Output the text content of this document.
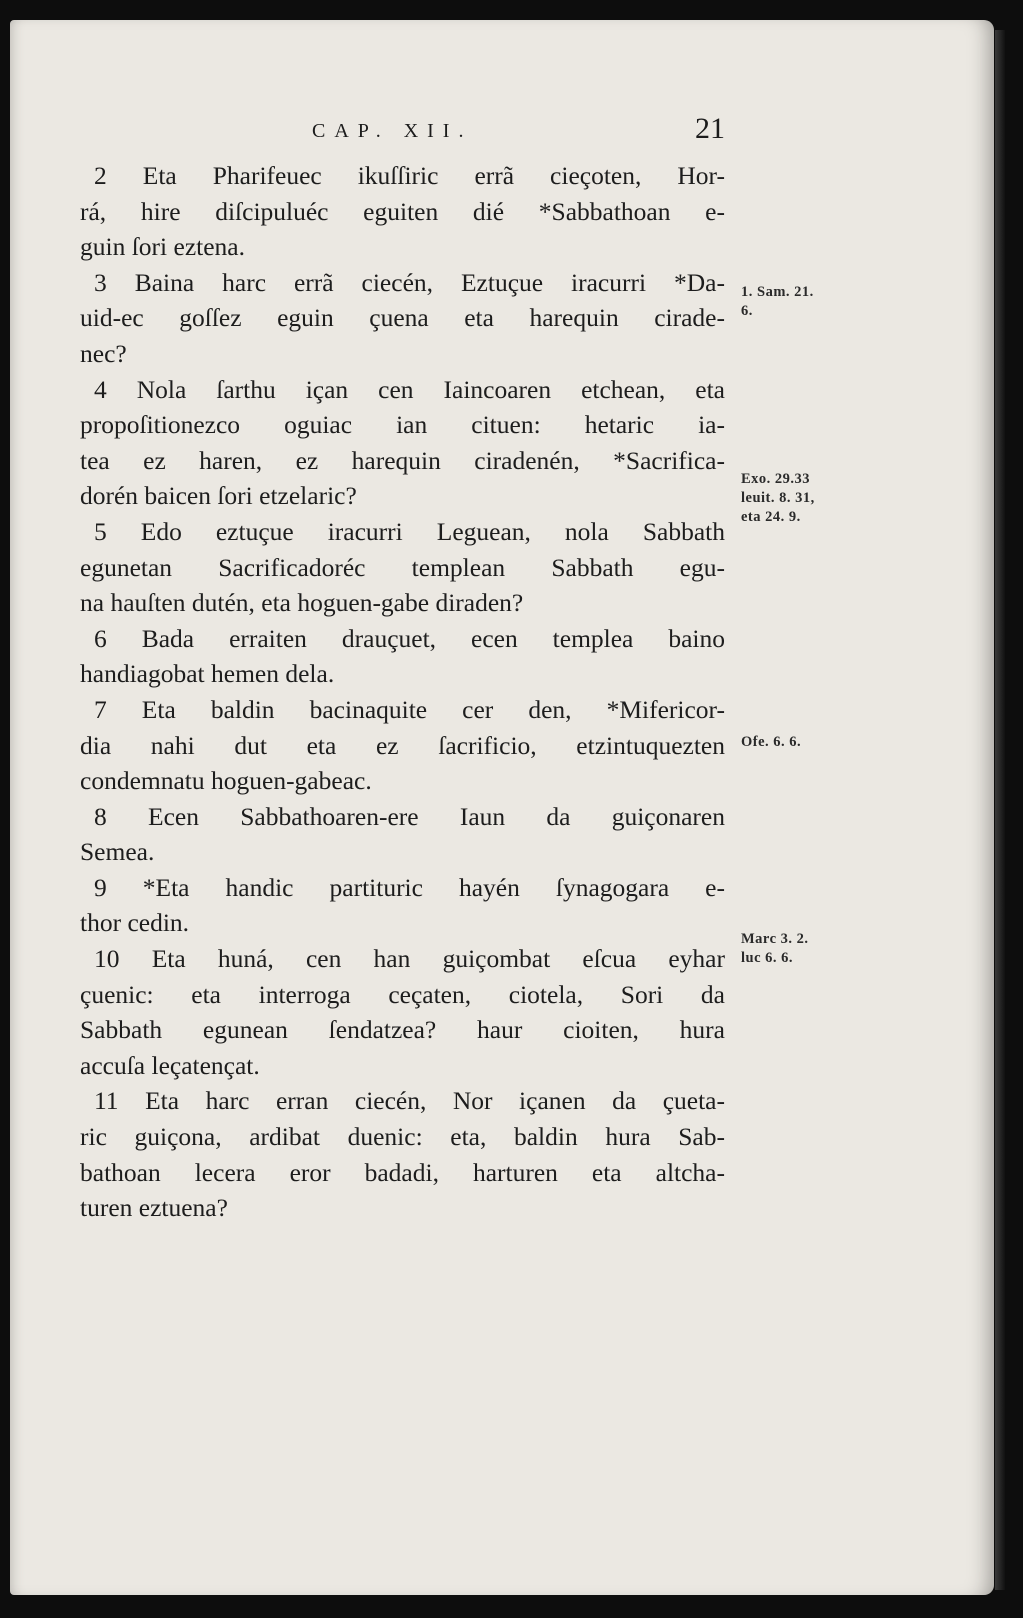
CAP. XII.	21
2 Eta Pharifeuec ikuſſiric errã cieçoten, Hor-
rá, hire diſcipuluéc eguiten dié *Sabbathoan e-
guin ſori eztena.
3 Baina harc errã ciecén, Eztuçue iracurri *Da-
uid-ec goſſez eguin çuena eta harequin cirade-
nec?
4 Nola ſarthu içan cen Iaincoaren etchean, eta
propoſitionezco oguiac ian cituen: hetaric ia-
tea ez haren, ez harequin ciradenén, *Sacrifica-
dorén baicen ſori etzelaric?
5 Edo eztuçue iracurri Leguean, nola Sabbath
egunetan Sacrificadoréc templean Sabbath egu-
na hauſten dutén, eta hoguen-gabe diraden?
6 Bada erraiten drauçuet, ecen templea baino
handiagobat hemen dela.
7 Eta baldin bacinaquite cer den, *Mifericor-
dia nahi dut eta ez ſacrificio, etzintuquezten
condemnatu hoguen-gabeac.
8 Ecen Sabbathoaren-ere Iaun da guiçonaren
Semea.
9 *Eta handic partituric hayén ſynagogara e-
thor cedin.
10 Eta huná, cen han guiçombat eſcua eyhar
çuenic: eta interroga ceçaten, ciotela, Sori da
Sabbath egunean ſendatzea? haur cioiten, hura
accuſa leçatençat.
11 Eta harc erran ciecén, Nor içanen da çueta-
ric guiçona, ardibat duenic: eta, baldin hura Sab-
bathoan lecera eror badadi, harturen eta altcha-
turen eztuena?
1. Sam. 21.
6.
Exo. 29.33
leuit. 8. 31,
eta 24. 9.
Ofe. 6. 6.
Marc 3. 2.
luc 6. 6.
